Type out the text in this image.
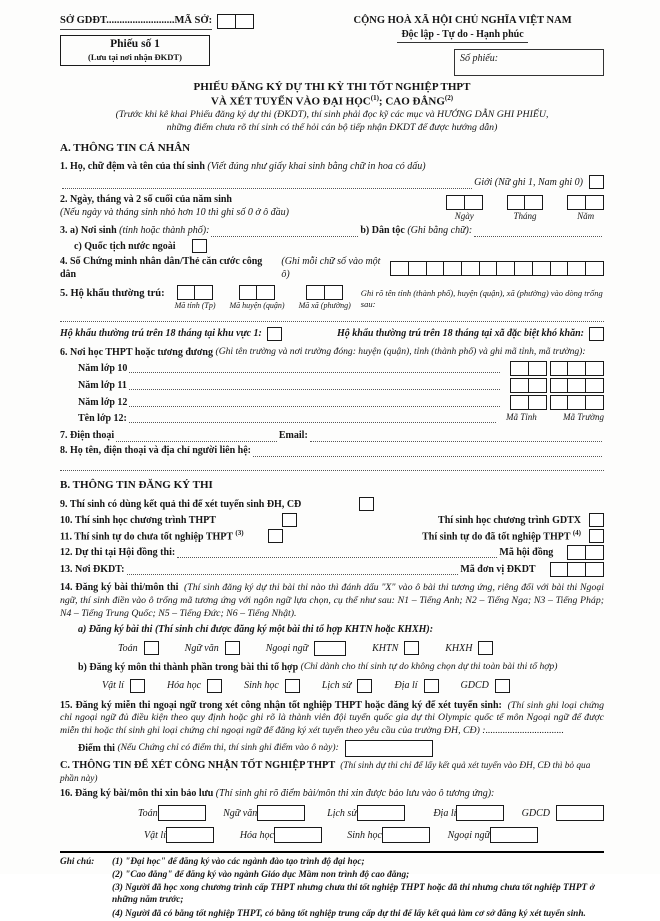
SỞ GDĐT..........................MÃ SỞ:
Phiếu số 1
(Lưu tại nơi nhận ĐKDT)
CỘNG HOÀ XÃ HỘI CHỦ NGHĨA VIỆT NAM
Độc lập - Tự do - Hạnh phúc
Số phiếu:
PHIẾU ĐĂNG KÝ DỰ THI KỲ THI TỐT NGHIỆP THPT
VÀ XÉT TUYỂN VÀO ĐẠI HỌC$^{(1)}$; CAO ĐẲNG$^{(2)}$
(Trước khi kê khai Phiếu đăng ký dự thi (ĐKDT), thí sinh phải đọc kỹ các mục và HƯỚNG DẪN GHI PHIẾU,
những điểm chưa rõ thí sinh có thể hỏi cán bộ tiếp nhận ĐKDT để được hướng dẫn)
A. THÔNG TIN CÁ NHÂN
1. Họ, chữ đệm và tên của thí sinh
(Viết đúng như giấy khai sinh bằng chữ in hoa có dấu)
Giới (Nữ ghi 1, Nam ghi 0)
2. Ngày, tháng và 2 số cuối của năm sinh
(Nếu ngày và tháng sinh nhỏ hơn 10 thì ghi số 0 ở ô đầu)	Ngày	Tháng	Năm
3. a) Nơi sinh
(tỉnh hoặc thành phố):	b) Dân tộc
(Ghi bằng chữ):
c) Quốc tịch nước ngoài
4. Số Chứng minh nhân dân/Thẻ căn cước công dân

(Ghi mỗi chữ số vào một ô)
5. Hộ khẩu thường trú:
Mã tỉnh (Tp) Mã huyện (quận) Mã xã (phường)
Ghi rõ tên tỉnh (thành phố), huyện (quận), xã (phường) vào dòng trống sau:
Hộ khẩu thường trú trên 18 tháng tại khu vực 1:	Hộ khẩu thường trú trên 18 tháng tại xã đặc biệt khó khăn:
6. Nơi học THPT hoặc tương đương
(Ghi tên trường và nơi trường đóng: huyện (quận), tỉnh (thành phố) và ghi mã tỉnh, mã trường):
Năm lớp 10
Năm lớp 11
Năm lớp 12
Tên lớp 12:	Mã Tỉnh	Mã Trường
7. Điện thoại	Email:
8. Họ tên, điện thoại và địa chỉ người liên hệ:
B. THÔNG TIN ĐĂNG KÝ THI
9. Thí sinh có dùng kết quả thi để xét tuyển sinh ĐH, CĐ
10. Thí sinh học chương trình THPT	Thí sinh học chương trình GDTX
11. Thí sinh tự do chưa tốt nghiệp THPT $^{(3)}$	Thí sinh tự do đã tốt nghiệp THPT $^{(4)}$
12. Dự thi tại Hội đồng thi:	Mã hội đồng
13. Nơi ĐKDT:	Mã đơn vị ĐKDT
14. Đăng ký bài thi/môn thi (Thí sinh đăng ký dự thi bài thi nào thì đánh dấu "X" vào ô bài thi tương ứng, riêng đối với bài thi Ngoại ngữ, thí sinh điền vào ô trống mã tương ứng với ngôn ngữ lựa chọn, cụ thể như sau: N1 – Tiếng Anh; N2 – Tiếng Nga; N3 – Tiếng Pháp; N4 – Tiếng Trung Quốc; N5 – Tiếng Đức; N6 – Tiếng Nhật).
a) Đăng ký bài thi
(Thí sinh chỉ được đăng ký một bài thi tổ hợp KHTN hoặc KHXH):
Toán	Ngữ văn	Ngoại ngữ	KHTN	KHXH
b) Đăng ký môn thi thành phần trong bài thi tổ hợp
(Chỉ dành cho thí sinh tự do không chọn dự thi toàn bài thi tổ hợp)
Vật lí	Hóa học	Sinh học	Lịch sử	Địa lí	GDCD
15. Đăng ký miễn thi ngoại ngữ trong xét công nhận tốt nghiệp THPT hoặc đăng ký để xét tuyển sinh: (Thí sinh ghi loại chứng chỉ ngoại ngữ đủ điều kiện theo quy định hoặc ghi rõ là thành viên đội tuyển quốc gia dự thi Olympic quốc tế môn Ngoại ngữ để được miễn thi hoặc thí sinh ghi loại chứng chỉ ngoại ngữ để đăng ký xét tuyển theo yêu cầu của trường ĐH, CĐ) :................................
Điểm thi
(Nếu Chứng chỉ có điểm thi, thí sinh ghi điểm vào ô này):
C. THÔNG TIN ĐỂ XÉT CÔNG NHẬN TỐT NGHIỆP THPT (Thí sinh dự thi chỉ để lấy kết quả xét tuyển vào ĐH, CĐ thì bỏ qua phần này)
16. Đăng ký bài/môn thi xin bảo lưu
(Thí sinh ghi rõ điểm bài/môn thi xin được bảo lưu vào ô tương ứng):
Toán	Ngữ văn	Lịch sử	Địa lí	GDCD
Vật lí	Hóa học	Sinh học	Ngoại ngữ
Ghi chú:	(1) "Đại học" để đăng ký vào các ngành đào tạo trình độ đại học;
(2) "Cao đẳng" để đăng ký vào ngành Giáo dục Mầm non trình độ cao đẳng;
(3) Người đã học xong chương trình cấp THPT nhưng chưa thi tốt nghiệp THPT hoặc đã thi nhưng chưa tốt nghiệp THPT ở những năm trước;
(4) Người đã có bằng tốt nghiệp THPT, có bằng tốt nghiệp trung cấp dự thi để lấy kết quả làm cơ sở đăng ký xét tuyển sinh.
